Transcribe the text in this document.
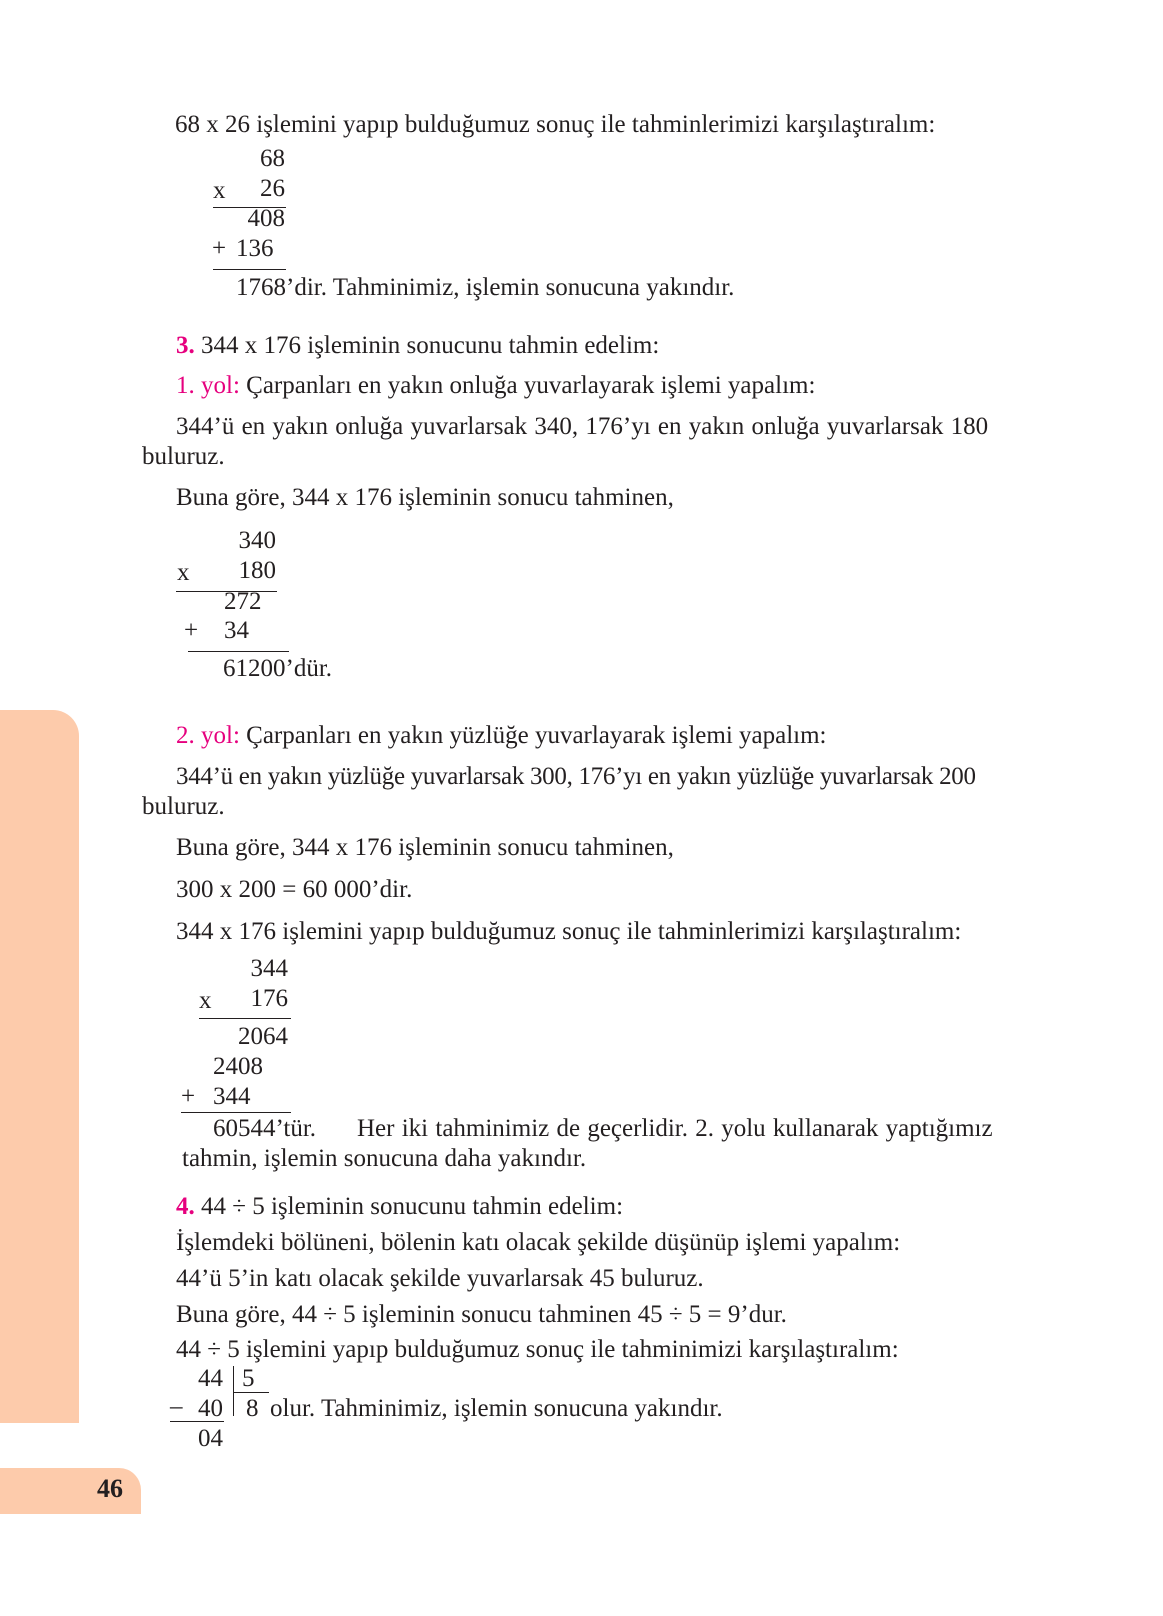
46
68 x 26 işlemini yapıp bulduğumuz sonuç ile tahminlerimizi karşılaştıralım:
68
x	26
408
+ 136
1768’dir. Tahminimiz, işlemin sonucuna yakındır.
3. 344 x 176 işleminin sonucunu tahmin edelim:
1. yol: Çarpanları en yakın onluğa yuvarlayarak işlemi yapalım:
344’ü en yakın onluğa yuvarlarsak 340, 176’yı en yakın onluğa yuvarlarsak 180
buluruz.
Buna göre, 344 x 176 işleminin sonucu tahminen,
340
x	180
272
+ 34
61200’dür.
2. yol: Çarpanları en yakın yüzlüğe yuvarlayarak işlemi yapalım:
344’ü en yakın yüzlüğe yuvarlarsak 300, 176’yı en yakın yüzlüğe yuvarlarsak 200
buluruz.
Buna göre, 344 x 176 işleminin sonucu tahminen,
300 x 200 = 60 000’dir.
344 x 176 işlemini yapıp bulduğumuz sonuç ile tahminlerimizi karşılaştıralım:
344
x	176
2064
2408
+ 344
60544’tür. Her iki tahminimiz de geçerlidir. 2. yolu kullanarak yaptığımız
tahmin, işlemin sonucuna daha yakındır.
4. 44 ÷ 5 işleminin sonucunu tahmin edelim:
İşlemdeki bölüneni, bölenin katı olacak şekilde düşünüp işlemi yapalım:
44’ü 5’in katı olacak şekilde yuvarlarsak 45 buluruz.
Buna göre, 44 ÷ 5 işleminin sonucu tahminen 45 ÷ 5 = 9’dur.
44 ÷ 5 işlemini yapıp bulduğumuz sonuç ile tahminimizi karşılaştıralım:
44 5
– 40 8 olur. Tahminimiz, işlemin sonucuna yakındır.
04
